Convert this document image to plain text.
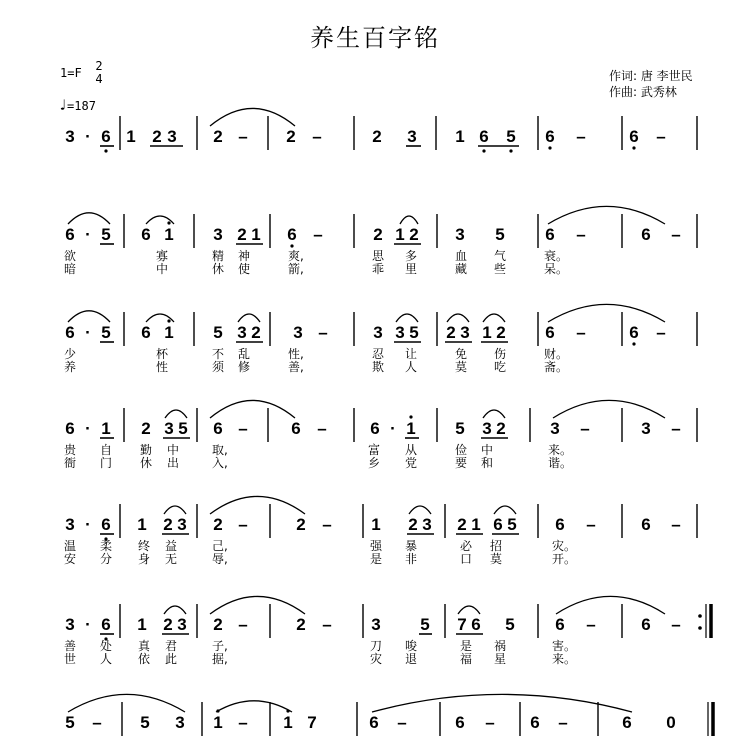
养生百字铭
1=F 2
4
♩=187
作词: 唐 李世民
作曲: 武秀林
3 · 6 1 2 3 2 – 2 –	2 3 1 6 5 6 –	6 –
6 · 5 6 1 3 2 1 6 –	2 1 2 3 5 6 –	6 –
欲	寡	精 神	爽,	思 多	血 气	衰。
暗	中	休 使	箭,	乖 里	藏 些	呆。
6 · 5 6 1 5 3 2 3 –	3 3 5 2 3 1 2 6 –	6 –
少	杯	不 乱	性,	忍 让	免 伤	财。
养	性	须 修	善,	欺 人	莫 吃	斋。
6 · 1 2 3 5 6 –	6 –	6 · 1 5 3 2	3 –	3 –
贵 自 勤 中	取,	富 从	俭 中	来。
衙 门 休 出	入,	乡 党	要 和	谐。
3 · 6 1 2 3 2 –	2 – 1 2 3 2 1 6 5 6 –	6 –
温 柔 终 益	己,	强 暴	必 招	灾。
安 分 身 无	辱,	是 非	口 莫	开。
3 · 6 1 2 3 2 –	2 – 3 5 7 6 5 6 –	6 –
善 处 真 君	子,	刀 唆	是 祸	害。
世 人 依 此	据,	灾 退	福 星	来。
5 – 5 3 1 – 1 7	6 –	6 – 6 –	6 0
